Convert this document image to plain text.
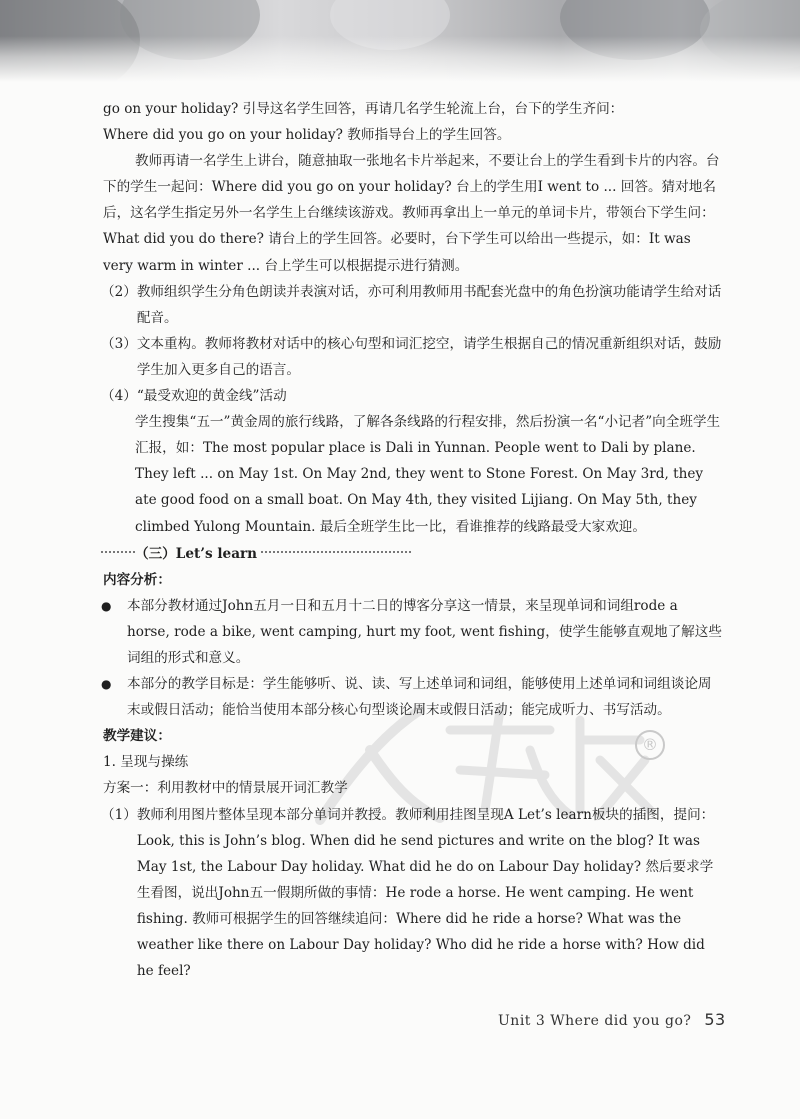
®

go on your holiday? 引导这名学生回答，再请几名学生轮流上台，台下的学生齐问：

Where did you go on your holiday? 教师指导台上的学生回答。

教师再请一名学生上讲台，随意抽取一张地名卡片举起来，不要让台上的学生看到卡片的内容。台下的学生一起问：Where did you go on your holiday? 台上的学生用I went to ... 回答。猜对地名后，这名学生指定另外一名学生上台继续该游戏。教师再拿出上一单元的单词卡片，带领台下学生问：What did you do there? 请台上的学生回答。必要时，台下学生可以给出一些提示，如：It was very warm in winter ... 台上学生可以根据提示进行猜测。

（2） 教师组织学生分角色朗读并表演对话，亦可利用教师用书配套光盘中的角色扮演功能请学生给对话配音。
（3） 文本重构。教师将教材对话中的核心句型和词汇挖空，请学生根据自己的情况重新组织对话，鼓励学生加入更多自己的语言。
（4） “最受欢迎的黄金线”活动

学生搜集“五一”黄金周的旅行线路，了解各条线路的行程安排，然后扮演一名“小记者”向全班学生汇报，如：The most popular place is Dali in Yunnan. People went to Dali by plane. They left ... on May 1st. On May 2nd, they went to Stone Forest. On May 3rd, they ate good food on a small boat. On May 4th, they visited Lijiang. On May 5th, they climbed Yulong Mountain. 最后全班学生比一比，看谁推荐的线路最受大家欢迎。

（三）Let’s learn

内容分析：

●	本部分教材通过John五月一日和五月十二日的博客分享这一情景，来呈现单词和词组rode a horse, rode a bike, went camping, hurt my foot, went fishing，使学生能够直观地了解这些词组的形式和意义。
●	本部分的教学目标是：学生能够听、说、读、写上述单词和词组，能够使用上述单词和词组谈论周末或假日活动；能恰当使用本部分核心句型谈论周末或假日活动；能完成听力、书写活动。

教学建议：

1. 呈现与操练

方案一：利用教材中的情景展开词汇教学

（1） 教师利用图片整体呈现本部分单词并教授。教师利用挂图呈现A Let’s learn板块的插图，提问：Look, this is John’s blog. When did he send pictures and write on the blog? It was May 1st, the Labour Day holiday. What did he do on Labour Day holiday? 然后要求学生看图，说出John五一假期所做的事情：He rode a horse. He went camping. He went fishing. 教师可根据学生的回答继续追问：Where did he ride a horse? What was the weather like there on Labour Day holiday? Who did he ride a horse with? How did he feel?
Unit 3 Where did you go? 53
